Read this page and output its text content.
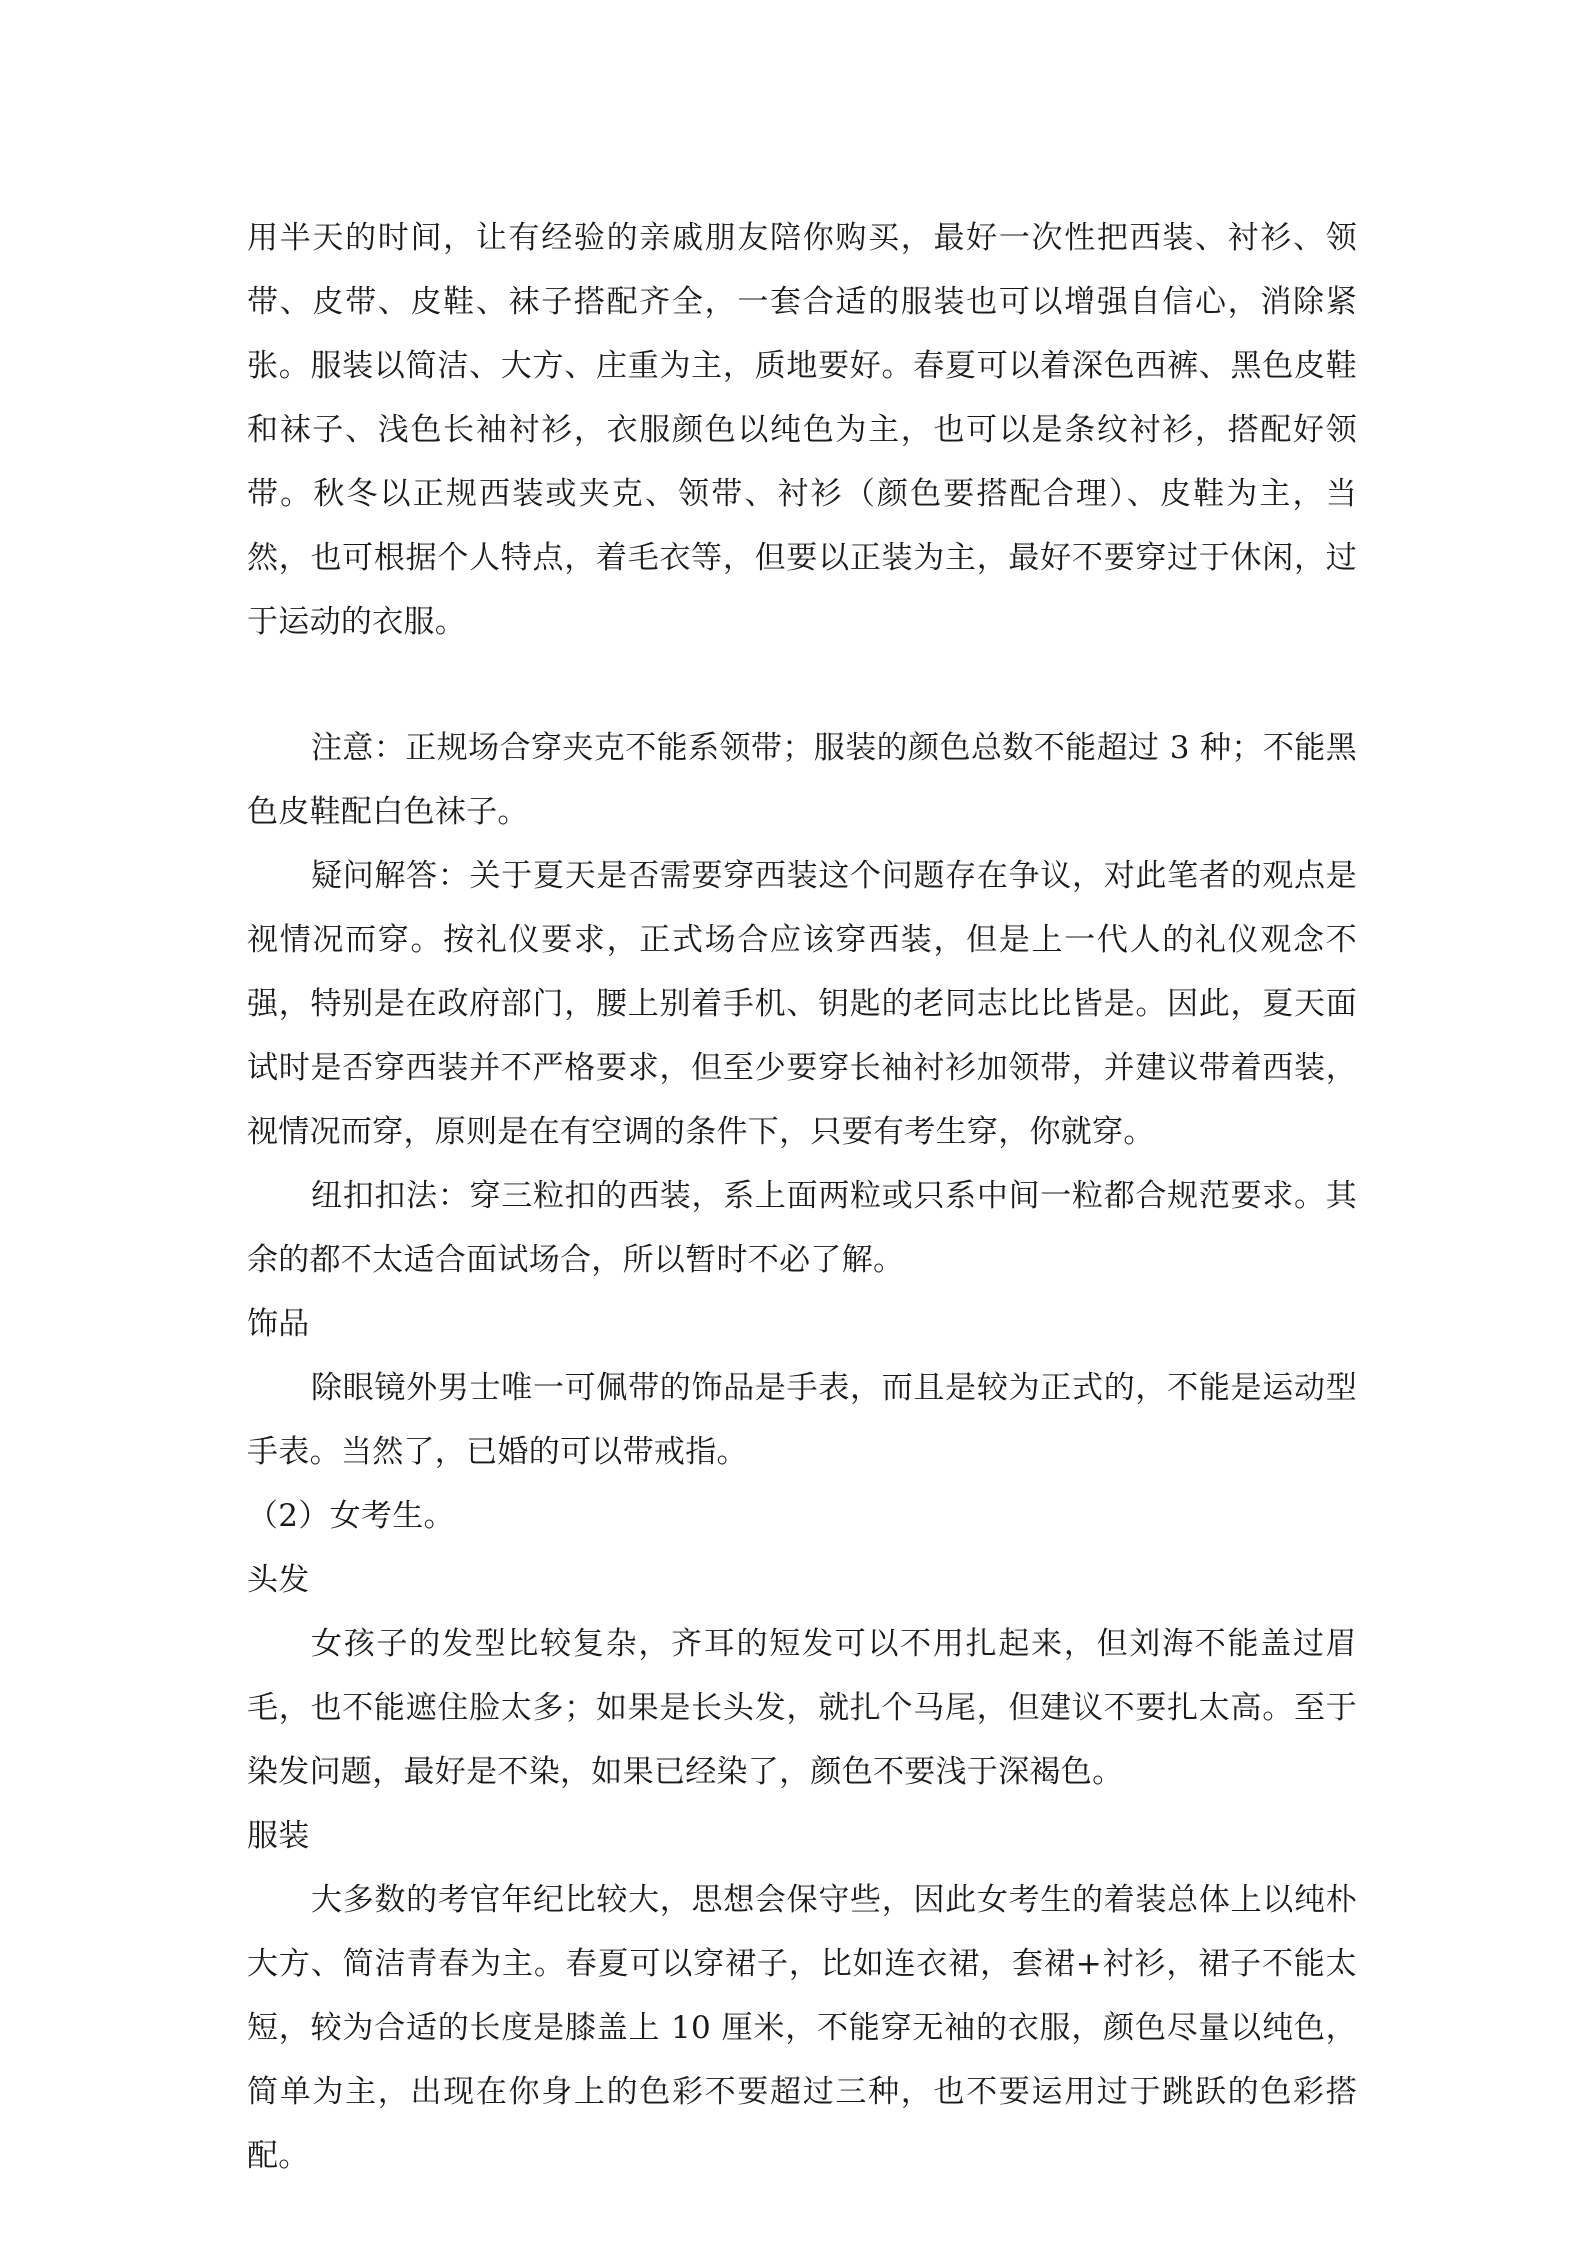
用半天的时间，让有经验的亲戚朋友陪你购买，最好一次性把西装、衬衫、领带、皮带、皮鞋、袜子搭配齐全，一套合适的服装也可以增强自信心，消除紧张。服装以简洁、大方、庄重为主，质地要好。春夏可以着深色西裤、黑色皮鞋和袜子、浅色长袖衬衫，衣服颜色以纯色为主，也可以是条纹衬衫，搭配好领带。秋冬以正规西装或夹克、领带、衬衫（颜色要搭配合理）、皮鞋为主，当然，也可根据个人特点，着毛衣等，但要以正装为主，最好不要穿过于休闲，过于运动的衣服。

注意：正规场合穿夹克不能系领带；服装的颜色总数不能超过 3 种；不能黑色皮鞋配白色袜子。

疑问解答：关于夏天是否需要穿西装这个问题存在争议，对此笔者的观点是视情况而穿。按礼仪要求，正式场合应该穿西装，但是上一代人的礼仪观念不强，特别是在政府部门，腰上别着手机、钥匙的老同志比比皆是。因此，夏天面试时是否穿西装并不严格要求，但至少要穿长袖衬衫加领带，并建议带着西装，视情况而穿，原则是在有空调的条件下，只要有考生穿，你就穿。

纽扣扣法：穿三粒扣的西装，系上面两粒或只系中间一粒都合规范要求。其余的都不太适合面试场合，所以暂时不必了解。

饰品

除眼镜外男士唯一可佩带的饰品是手表，而且是较为正式的，不能是运动型手表。当然了，已婚的可以带戒指。

（2）女考生。

头发

女孩子的发型比较复杂，齐耳的短发可以不用扎起来，但刘海不能盖过眉毛，也不能遮住脸太多；如果是长头发，就扎个马尾，但建议不要扎太高。至于染发问题，最好是不染，如果已经染了，颜色不要浅于深褐色。

服装

大多数的考官年纪比较大，思想会保守些，因此女考生的着装总体上以纯朴大方、简洁青春为主。春夏可以穿裙子，比如连衣裙，套裙+衬衫，裙子不能太短，较为合适的长度是膝盖上 10 厘米，不能穿无袖的衣服，颜色尽量以纯色，简单为主，出现在你身上的色彩不要超过三种，也不要运用过于跳跃的色彩搭配。
